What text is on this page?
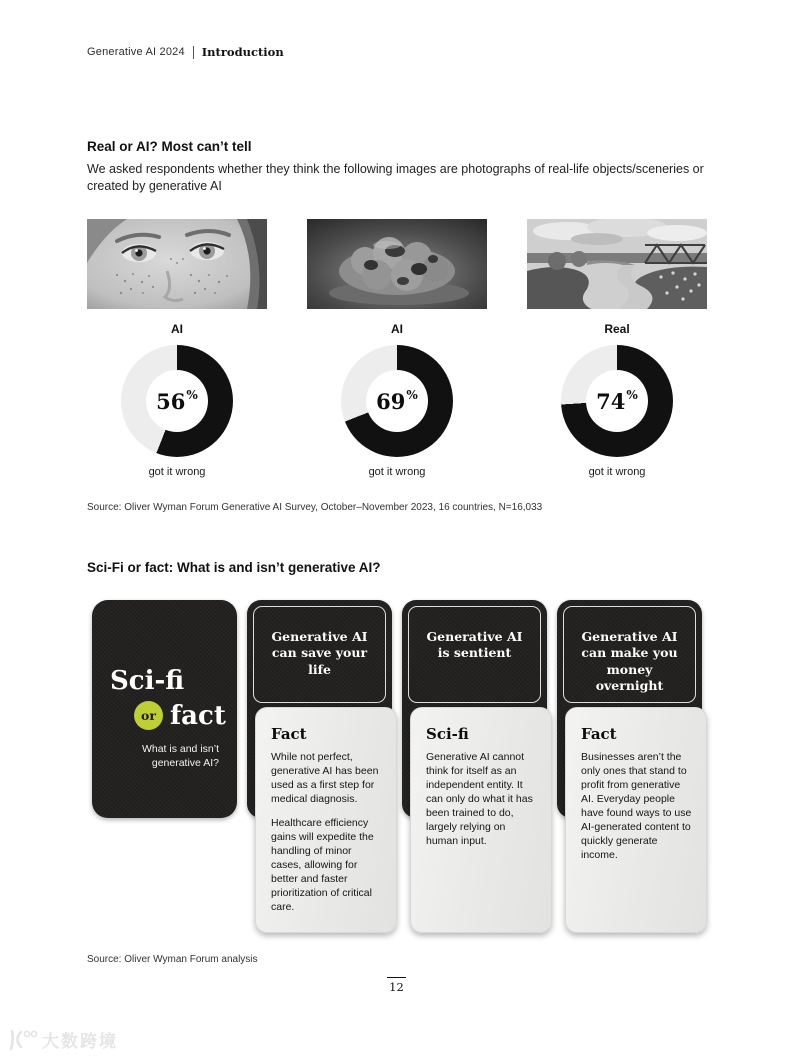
Generative AI 2024 Introduction
Real or AI? Most can’t tell
We asked respondents whether they think the following images are photographs of real-life objects/sceneries or created by generative AI
AI
56%
got it wrong
AI
69%
got it wrong
Real
74%
got it wrong
Source: Oliver Wyman Forum Generative AI Survey, October–November 2023, 16 countries, N=16,033
Sci-Fi or fact: What is and isn’t generative AI?
Sci-fi
or fact
What is and isn’t generative AI?
Generative AI can save your life
Fact

While not perfect, generative AI has been used as a first step for medical diagnosis.

Healthcare efficiency gains will expedite the handling of minor cases, allowing for better and faster prioritization of critical care.

Generative AI is sentient
Sci-fi

Generative AI cannot think for itself as an independent entity. It can only do what it has been trained to do, largely relying on human input.

Generative AI can make you money overnight
Fact

Businesses aren’t the only ones that stand to profit from generative AI. Everyday people have found ways to use AI-generated content to quickly generate income.

Source: Oliver Wyman Forum analysis
12
大数跨境
